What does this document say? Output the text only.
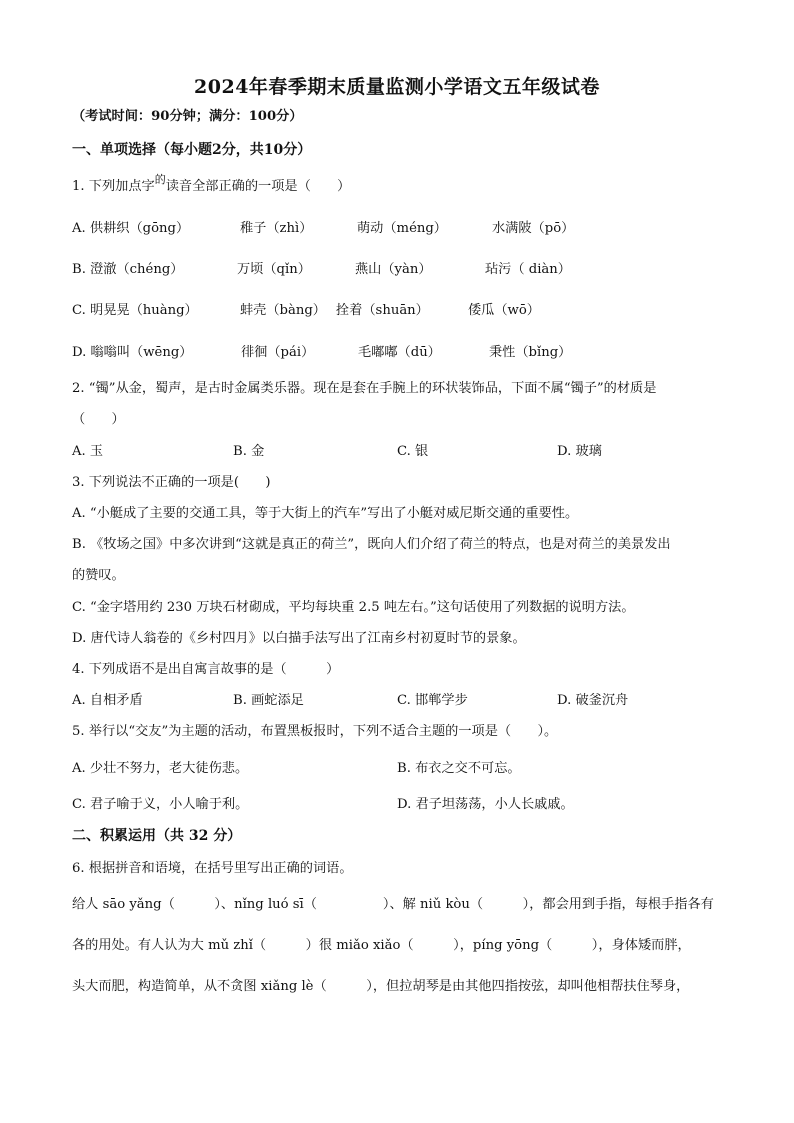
2024年春季期末质量监测小学语文五年级试卷
（考试时间：90分钟；满分：100分）
一、单项选择（每小题2分，共10分）
1. 下列加点字$^的$读音全部正确的一项是（　　）
A. 供耕织（gōng）	稚子（zhì）	萌动（méng）	水满陂（pō）
B. 澄澈（chéng）	万顷（qǐn）	燕山（yàn）	玷污（ diàn）
C. 明晃晃（huàng）	蚌壳（bàng） 拴着（shuān）	倭瓜（wō）
D. 嗡嗡叫（wēng）	徘徊（pái）	毛嘟嘟（dū）	秉性（bǐng）
2. “镯”从金，蜀声，是古时金属类乐器。现在是套在手腕上的环状装饰品，下面不属“镯子”的材质是
（　　）
A. 玉	B. 金	C. 银	D. 玻璃
3. 下列说法不正确的一项是(　　)
A. “小艇成了主要的交通工具，等于大街上的汽车”写出了小艇对威尼斯交通的重要性。
B. 《牧场之国》中多次讲到“这就是真正的荷兰”，既向人们介绍了荷兰的特点，也是对荷兰的美景发出
的赞叹。
C. “金字塔用约 230 万块石材砌成，平均每块重 2.5 吨左右。”这句话使用了列数据的说明方法。
D. 唐代诗人翁卷的《乡村四月》以白描手法写出了江南乡村初夏时节的景象。
4. 下列成语不是出自寓言故事的是（　　　）
A. 自相矛盾	B. 画蛇添足	C. 邯郸学步	D. 破釜沉舟
5. 举行以“交友”为主题的活动，布置黑板报时，下列不适合主题的一项是（　　）。
A. 少壮不努力，老大徒伤悲。	B. 布衣之交不可忘。
C. 君子喻于义，小人喻于利。	D. 君子坦荡荡，小人长戚戚。
二、积累运用（共 32 分）
6. 根据拼音和语境，在括号里写出正确的词语。
给人 sāo yǎng（　　　）、nǐng luó sī（　　　　　）、解 niǔ kòu（　　　），都会用到手指，每根手指各有
各的用处。有人认为大 mǔ zhǐ（　　　）很 miǎo xiǎo（　　　），píng yōng（　　　），身体矮而胖，
头大而肥，构造简单，从不贪图 xiǎng lè（　　　），但拉胡琴是由其他四指按弦，却叫他相帮扶住琴身，
